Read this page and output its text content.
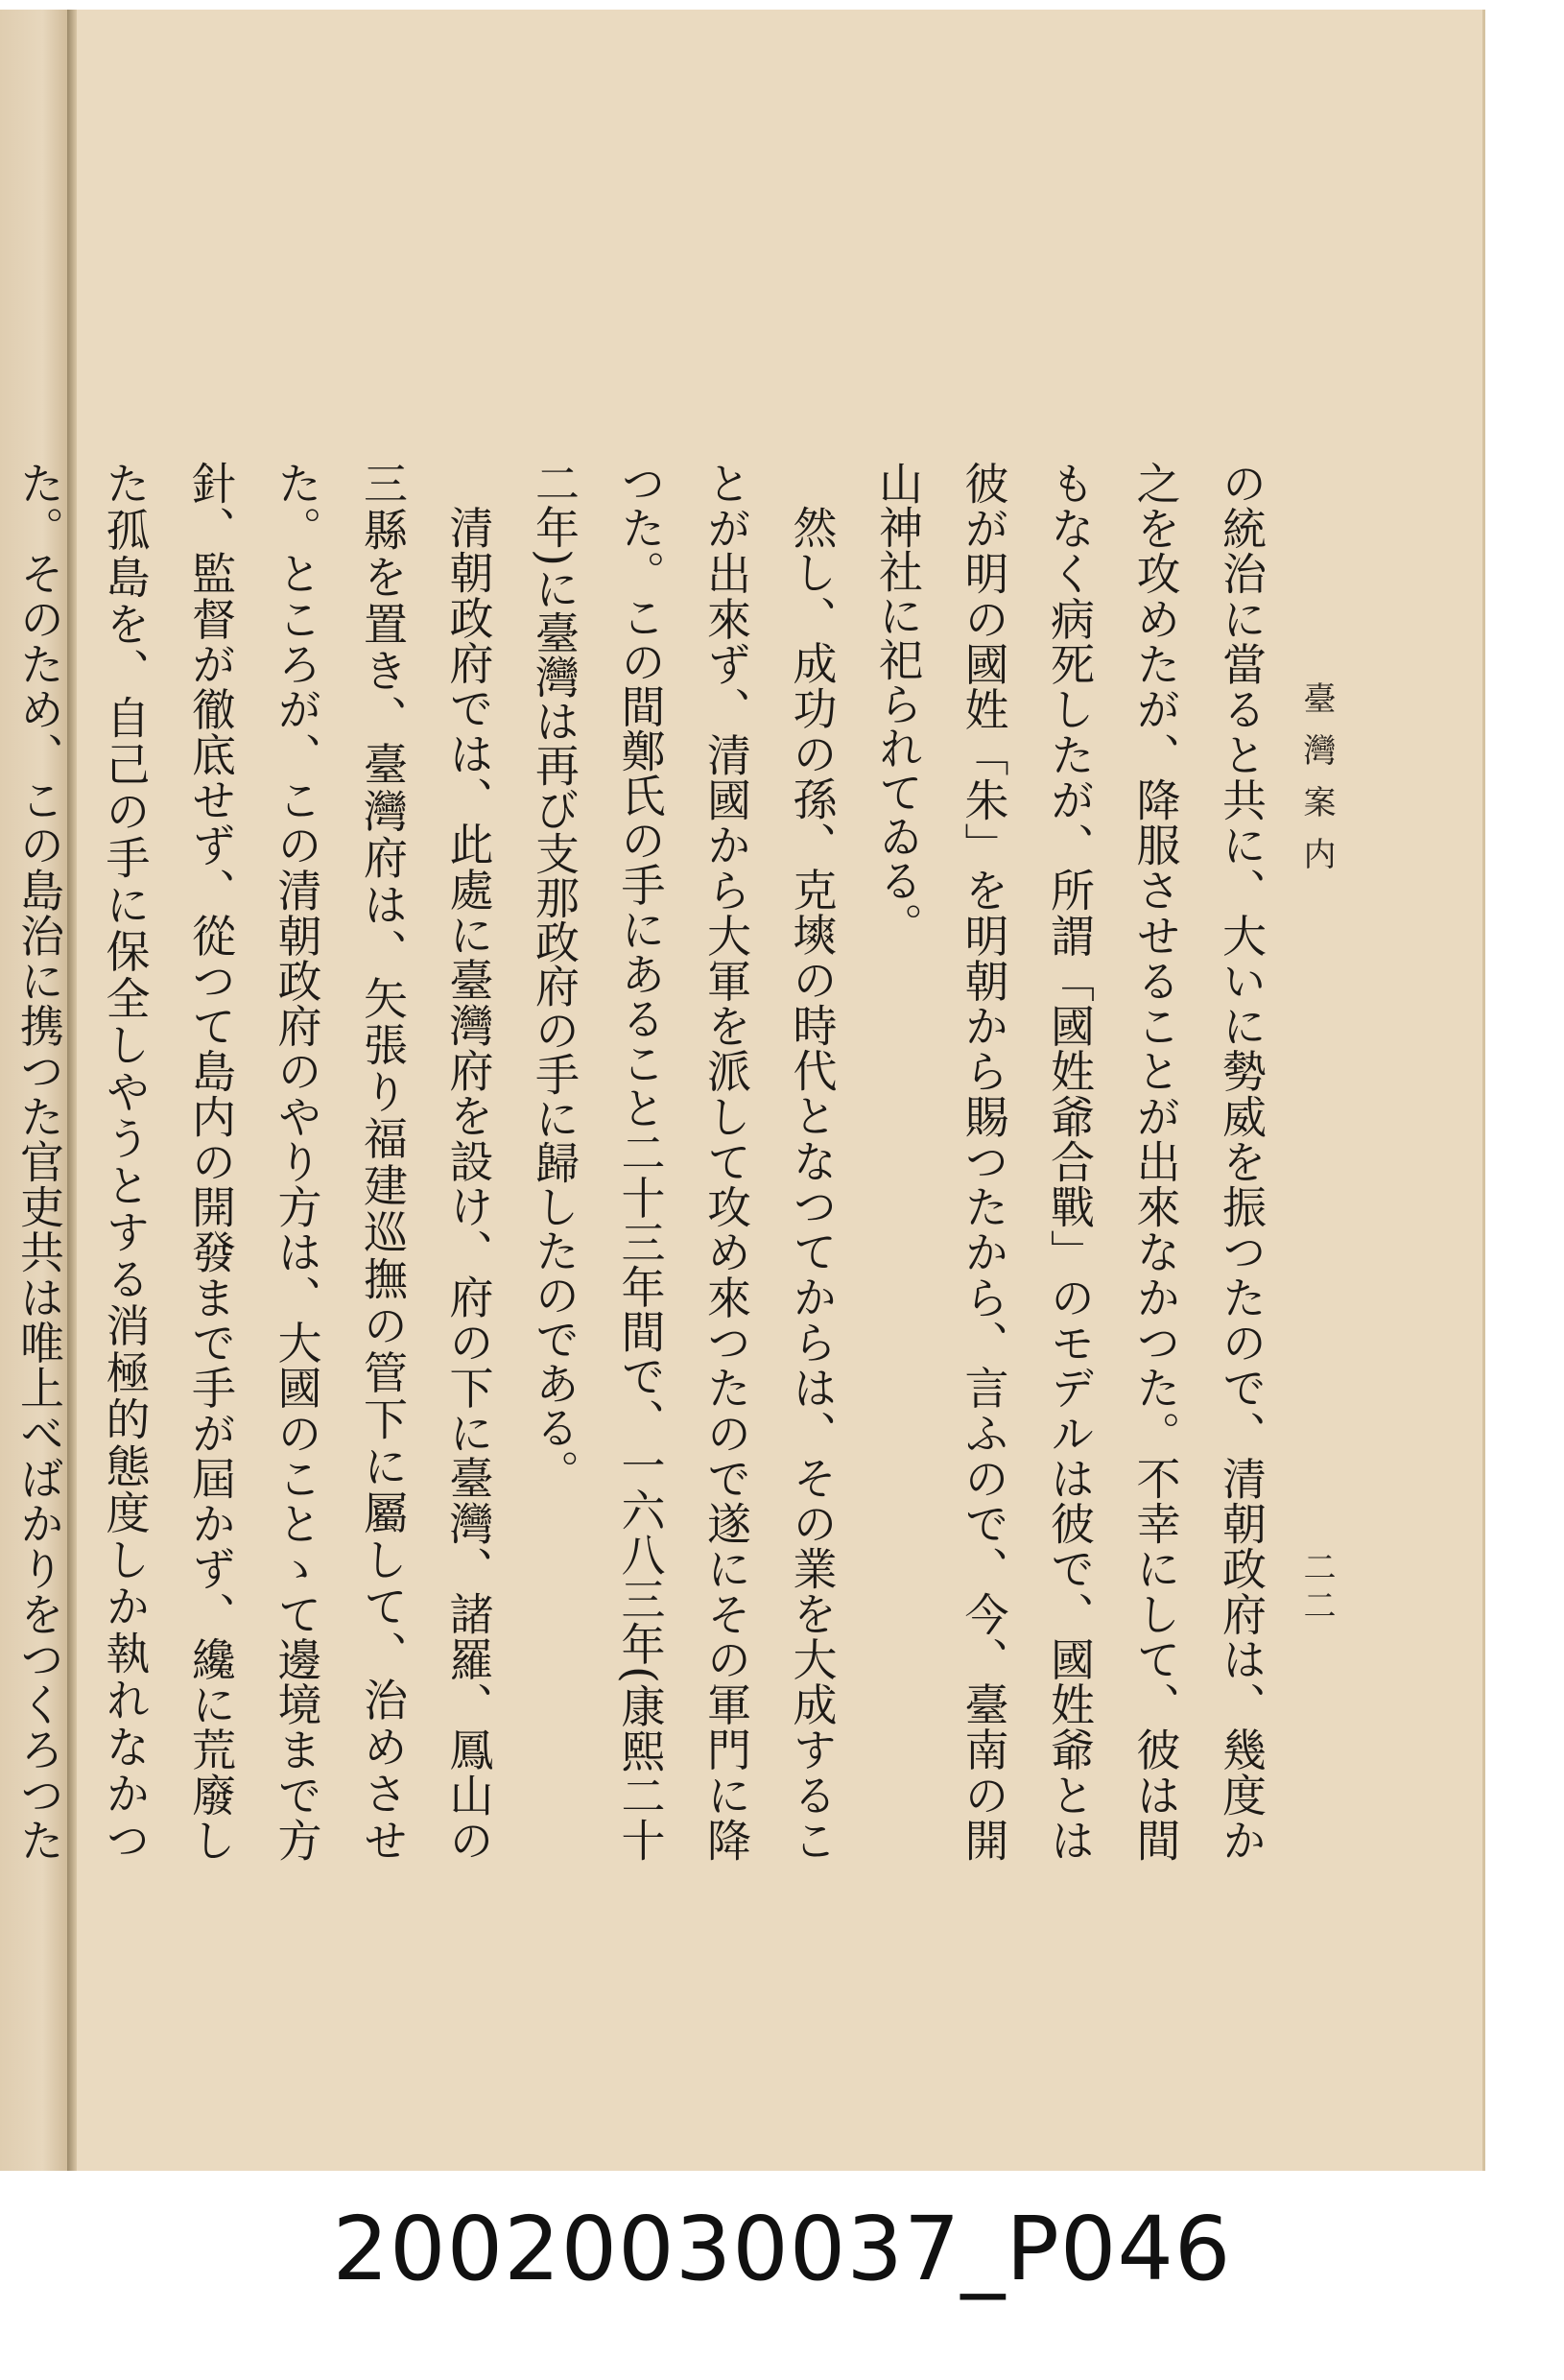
臺灣案内
二二

の統治に當ると共に、大いに勢威を振つたので、清朝政府は、幾度か之を攻めたが、降服させることが出來なかつた。不幸にして、彼は間もなく病死したが、所謂「國姓爺合戰」のモデルは彼で、國姓爺とは彼が明の國姓「朱」を明朝から賜つたから、言ふので、今、臺南の開山神社に祀られてゐる。

然し、成功の孫、克塽の時代となつてからは、その業を大成することが出來ず、清國から大軍を派して攻め來つたので遂にその軍門に降つた。この間鄭氏の手にあること二十三年間で、一六八三年(康熙二十二年)に臺灣は再び支那政府の手に歸したのである。

清朝政府では、此處に臺灣府を設け、府の下に臺灣、諸羅、鳳山の三縣を置き、臺灣府は、矢張り福建巡撫の管下に屬して、治めさせた。ところが、この清朝政府のやり方は、大國のことゝて邊境まで方針、監督が徹底せず、從つて島内の開發まで手が屆かず、纔に荒廢した孤島を、自己の手に保全しやうとする消極的態度しか執れなかつた。そのため、この島治に携つた官吏共は唯上べばかりをつくろつた

20020030037_P046
